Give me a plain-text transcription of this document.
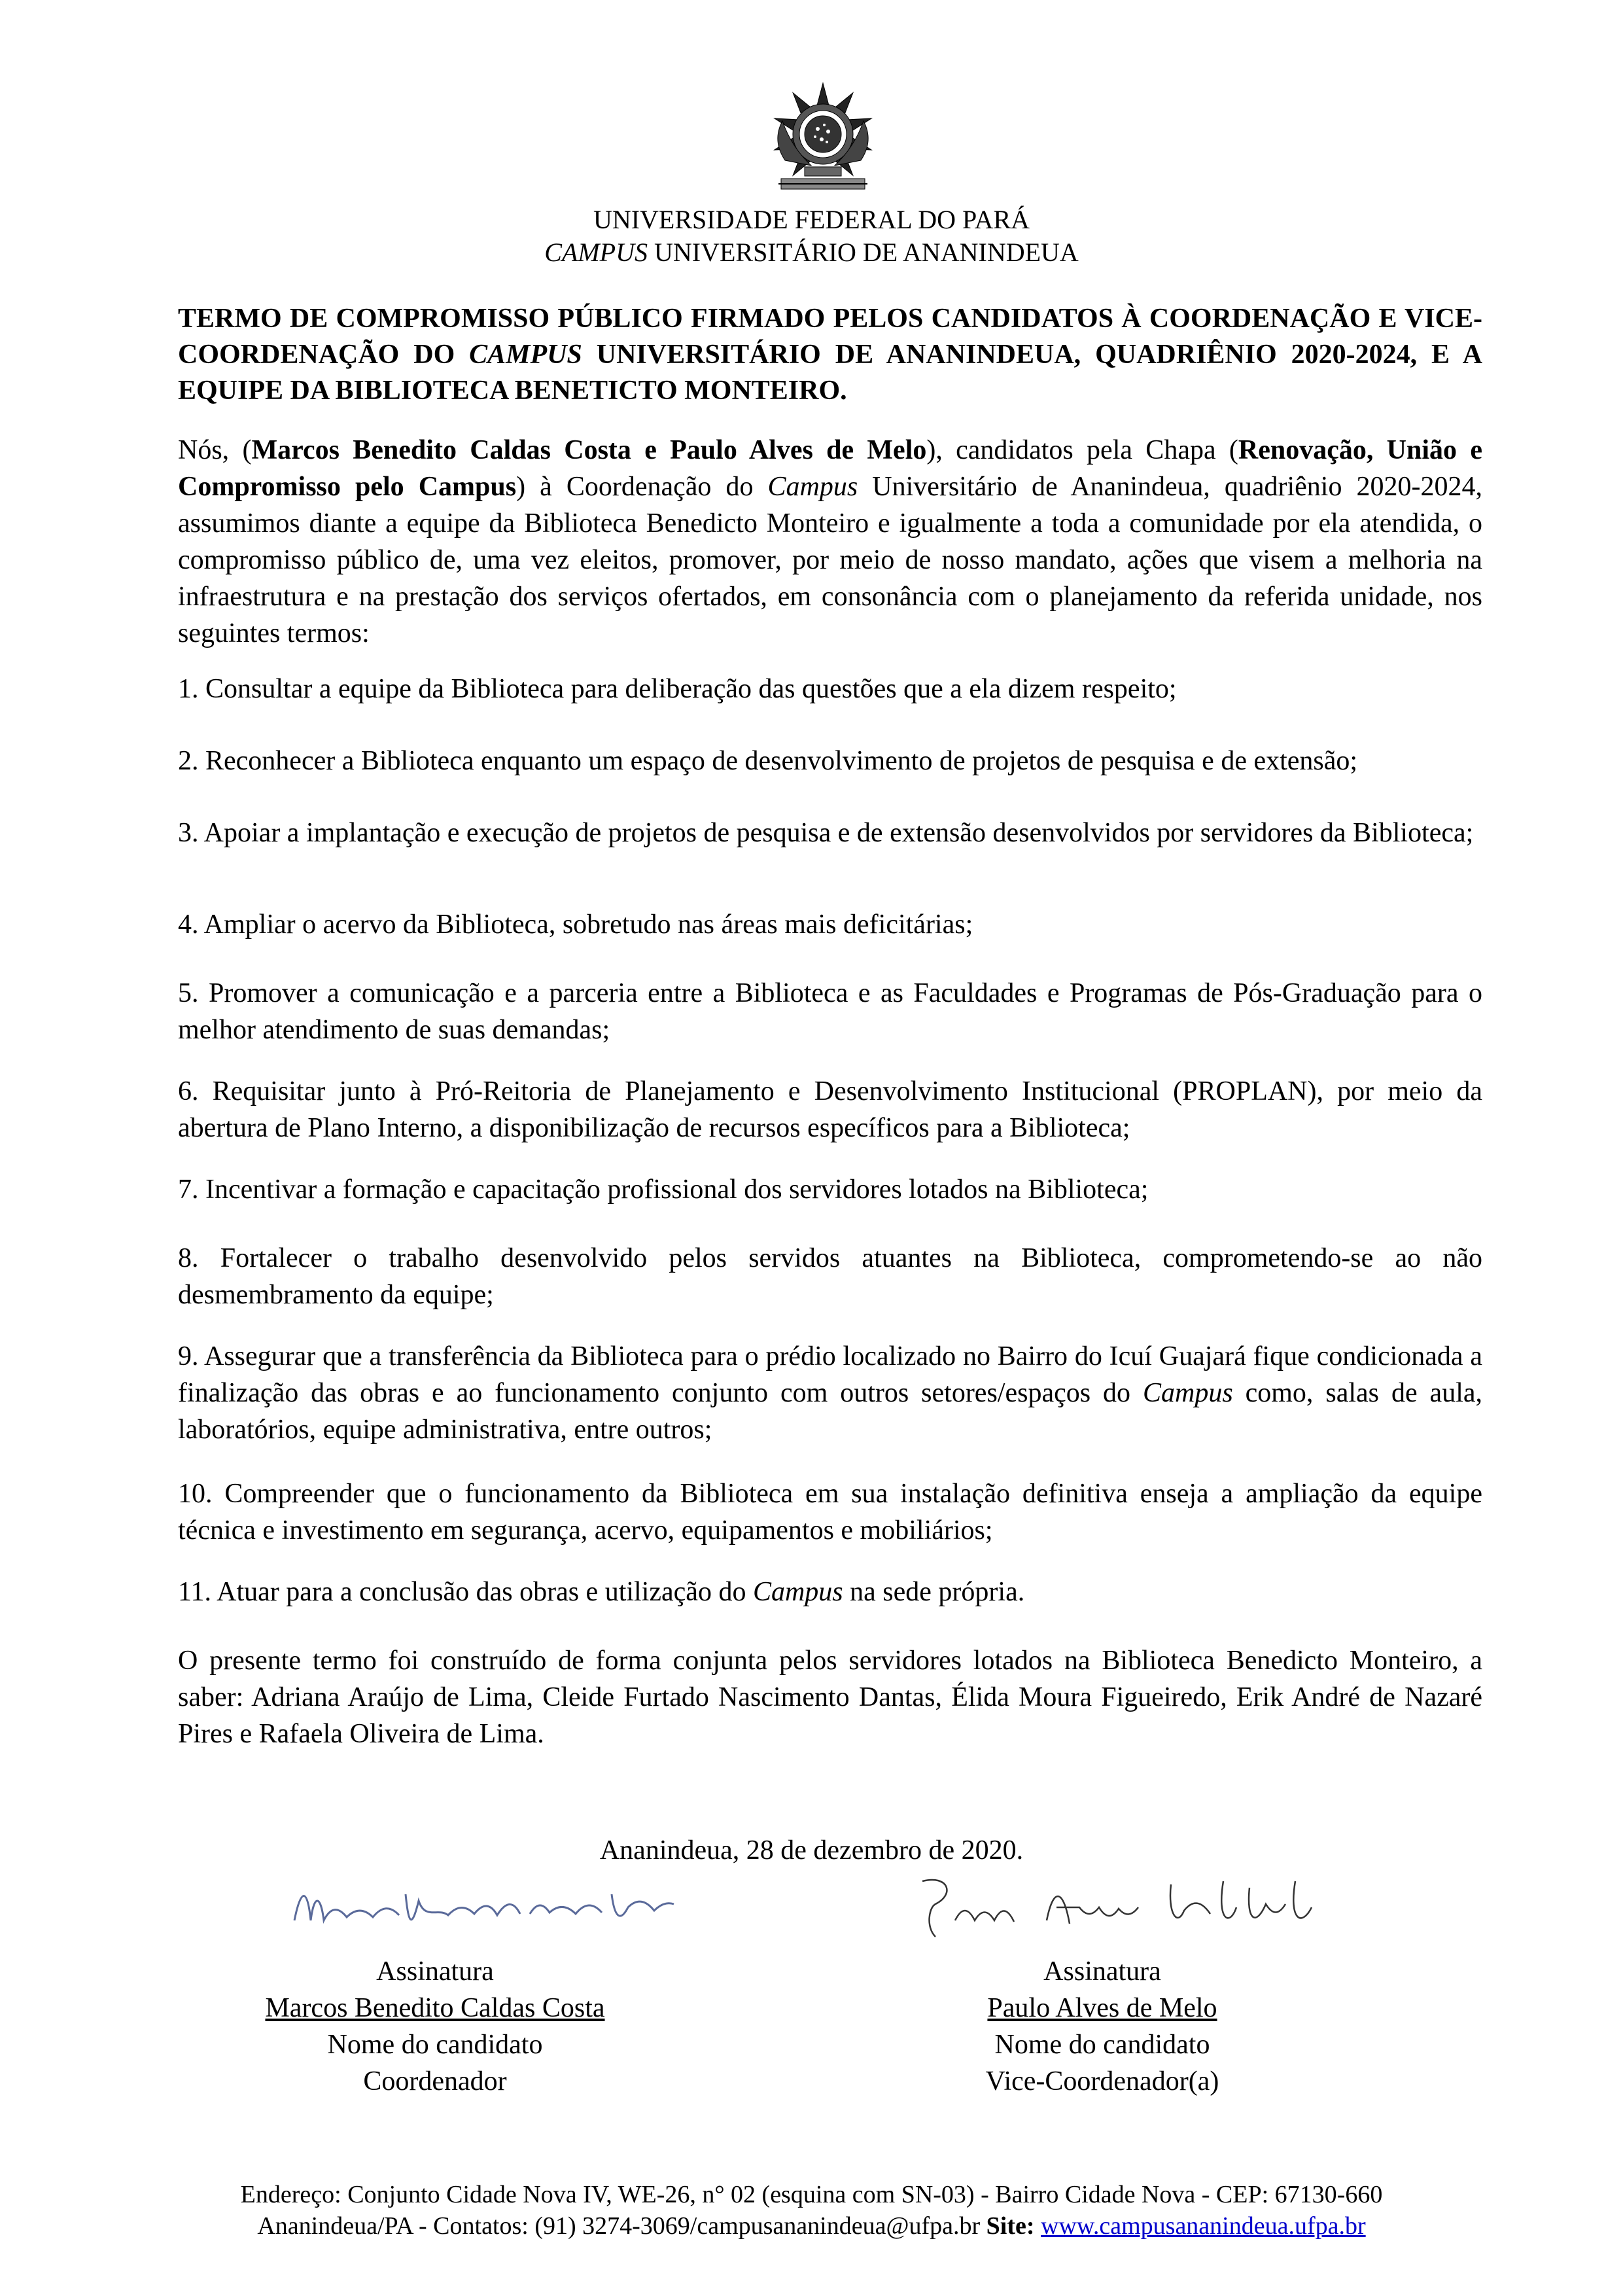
UNIVERSIDADE FEDERAL DO PARÁ
CAMPUS UNIVERSITÁRIO DE ANANINDEUA
TERMO DE COMPROMISSO PÚBLICO FIRMADO PELOS CANDIDATOS À COORDENAÇÃO E VICE-COORDENAÇÃO DO CAMPUS UNIVERSITÁRIO DE ANANINDEUA, QUADRIÊNIO 2020-2024, E A EQUIPE DA BIBLIOTECA BENETICTO MONTEIRO.
Nós, (Marcos Benedito Caldas Costa e Paulo Alves de Melo), candidatos pela Chapa (Renovação, União e Compromisso pelo Campus) à Coordenação do Campus Universitário de Ananindeua, quadriênio 2020-2024, assumimos diante a equipe da Biblioteca Benedicto Monteiro e igualmente a toda a comunidade por ela atendida, o compromisso público de, uma vez eleitos, promover, por meio de nosso mandato, ações que visem a melhoria na infraestrutura e na prestação dos serviços ofertados, em consonância com o planejamento da referida unidade, nos seguintes termos:
1. Consultar a equipe da Biblioteca para deliberação das questões que a ela dizem respeito;
2. Reconhecer a Biblioteca enquanto um espaço de desenvolvimento de projetos de pesquisa e de extensão;
3. Apoiar a implantação e execução de projetos de pesquisa e de extensão desenvolvidos por servidores da Biblioteca;
4. Ampliar o acervo da Biblioteca, sobretudo nas áreas mais deficitárias;
5. Promover a comunicação e a parceria entre a Biblioteca e as Faculdades e Programas de Pós-Graduação para o melhor atendimento de suas demandas;
6. Requisitar junto à Pró-Reitoria de Planejamento e Desenvolvimento Institucional (PROPLAN), por meio da abertura de Plano Interno, a disponibilização de recursos específicos para a Biblioteca;
7. Incentivar a formação e capacitação profissional dos servidores lotados na Biblioteca;
8. Fortalecer o trabalho desenvolvido pelos servidos atuantes na Biblioteca, comprometendo-se ao não desmembramento da equipe;
9. Assegurar que a transferência da Biblioteca para o prédio localizado no Bairro do Icuí Guajará fique condicionada a finalização das obras e ao funcionamento conjunto com outros setores/espaços do Campus como, salas de aula, laboratórios, equipe administrativa, entre outros;
10. Compreender que o funcionamento da Biblioteca em sua instalação definitiva enseja a ampliação da equipe técnica e investimento em segurança, acervo, equipamentos e mobiliários;
11. Atuar para a conclusão das obras e utilização do Campus na sede própria.
O presente termo foi construído de forma conjunta pelos servidores lotados na Biblioteca Benedicto Monteiro, a saber: Adriana Araújo de Lima, Cleide Furtado Nascimento Dantas, Élida Moura Figueiredo, Erik André de Nazaré Pires e Rafaela Oliveira de Lima.
Ananindeua, 28 de dezembro de 2020.
Assinatura
Marcos Benedito Caldas Costa
Nome do candidato
Coordenador
Assinatura
Paulo Alves de Melo
Nome do candidato
Vice-Coordenador(a)
Endereço: Conjunto Cidade Nova IV, WE-26, n° 02 (esquina com SN-03) - Bairro Cidade Nova - CEP: 67130-660
Ananindeua/PA - Contatos: (91) 3274-3069/campusananindeua@ufpa.br Site: www.campusananindeua.ufpa.br
